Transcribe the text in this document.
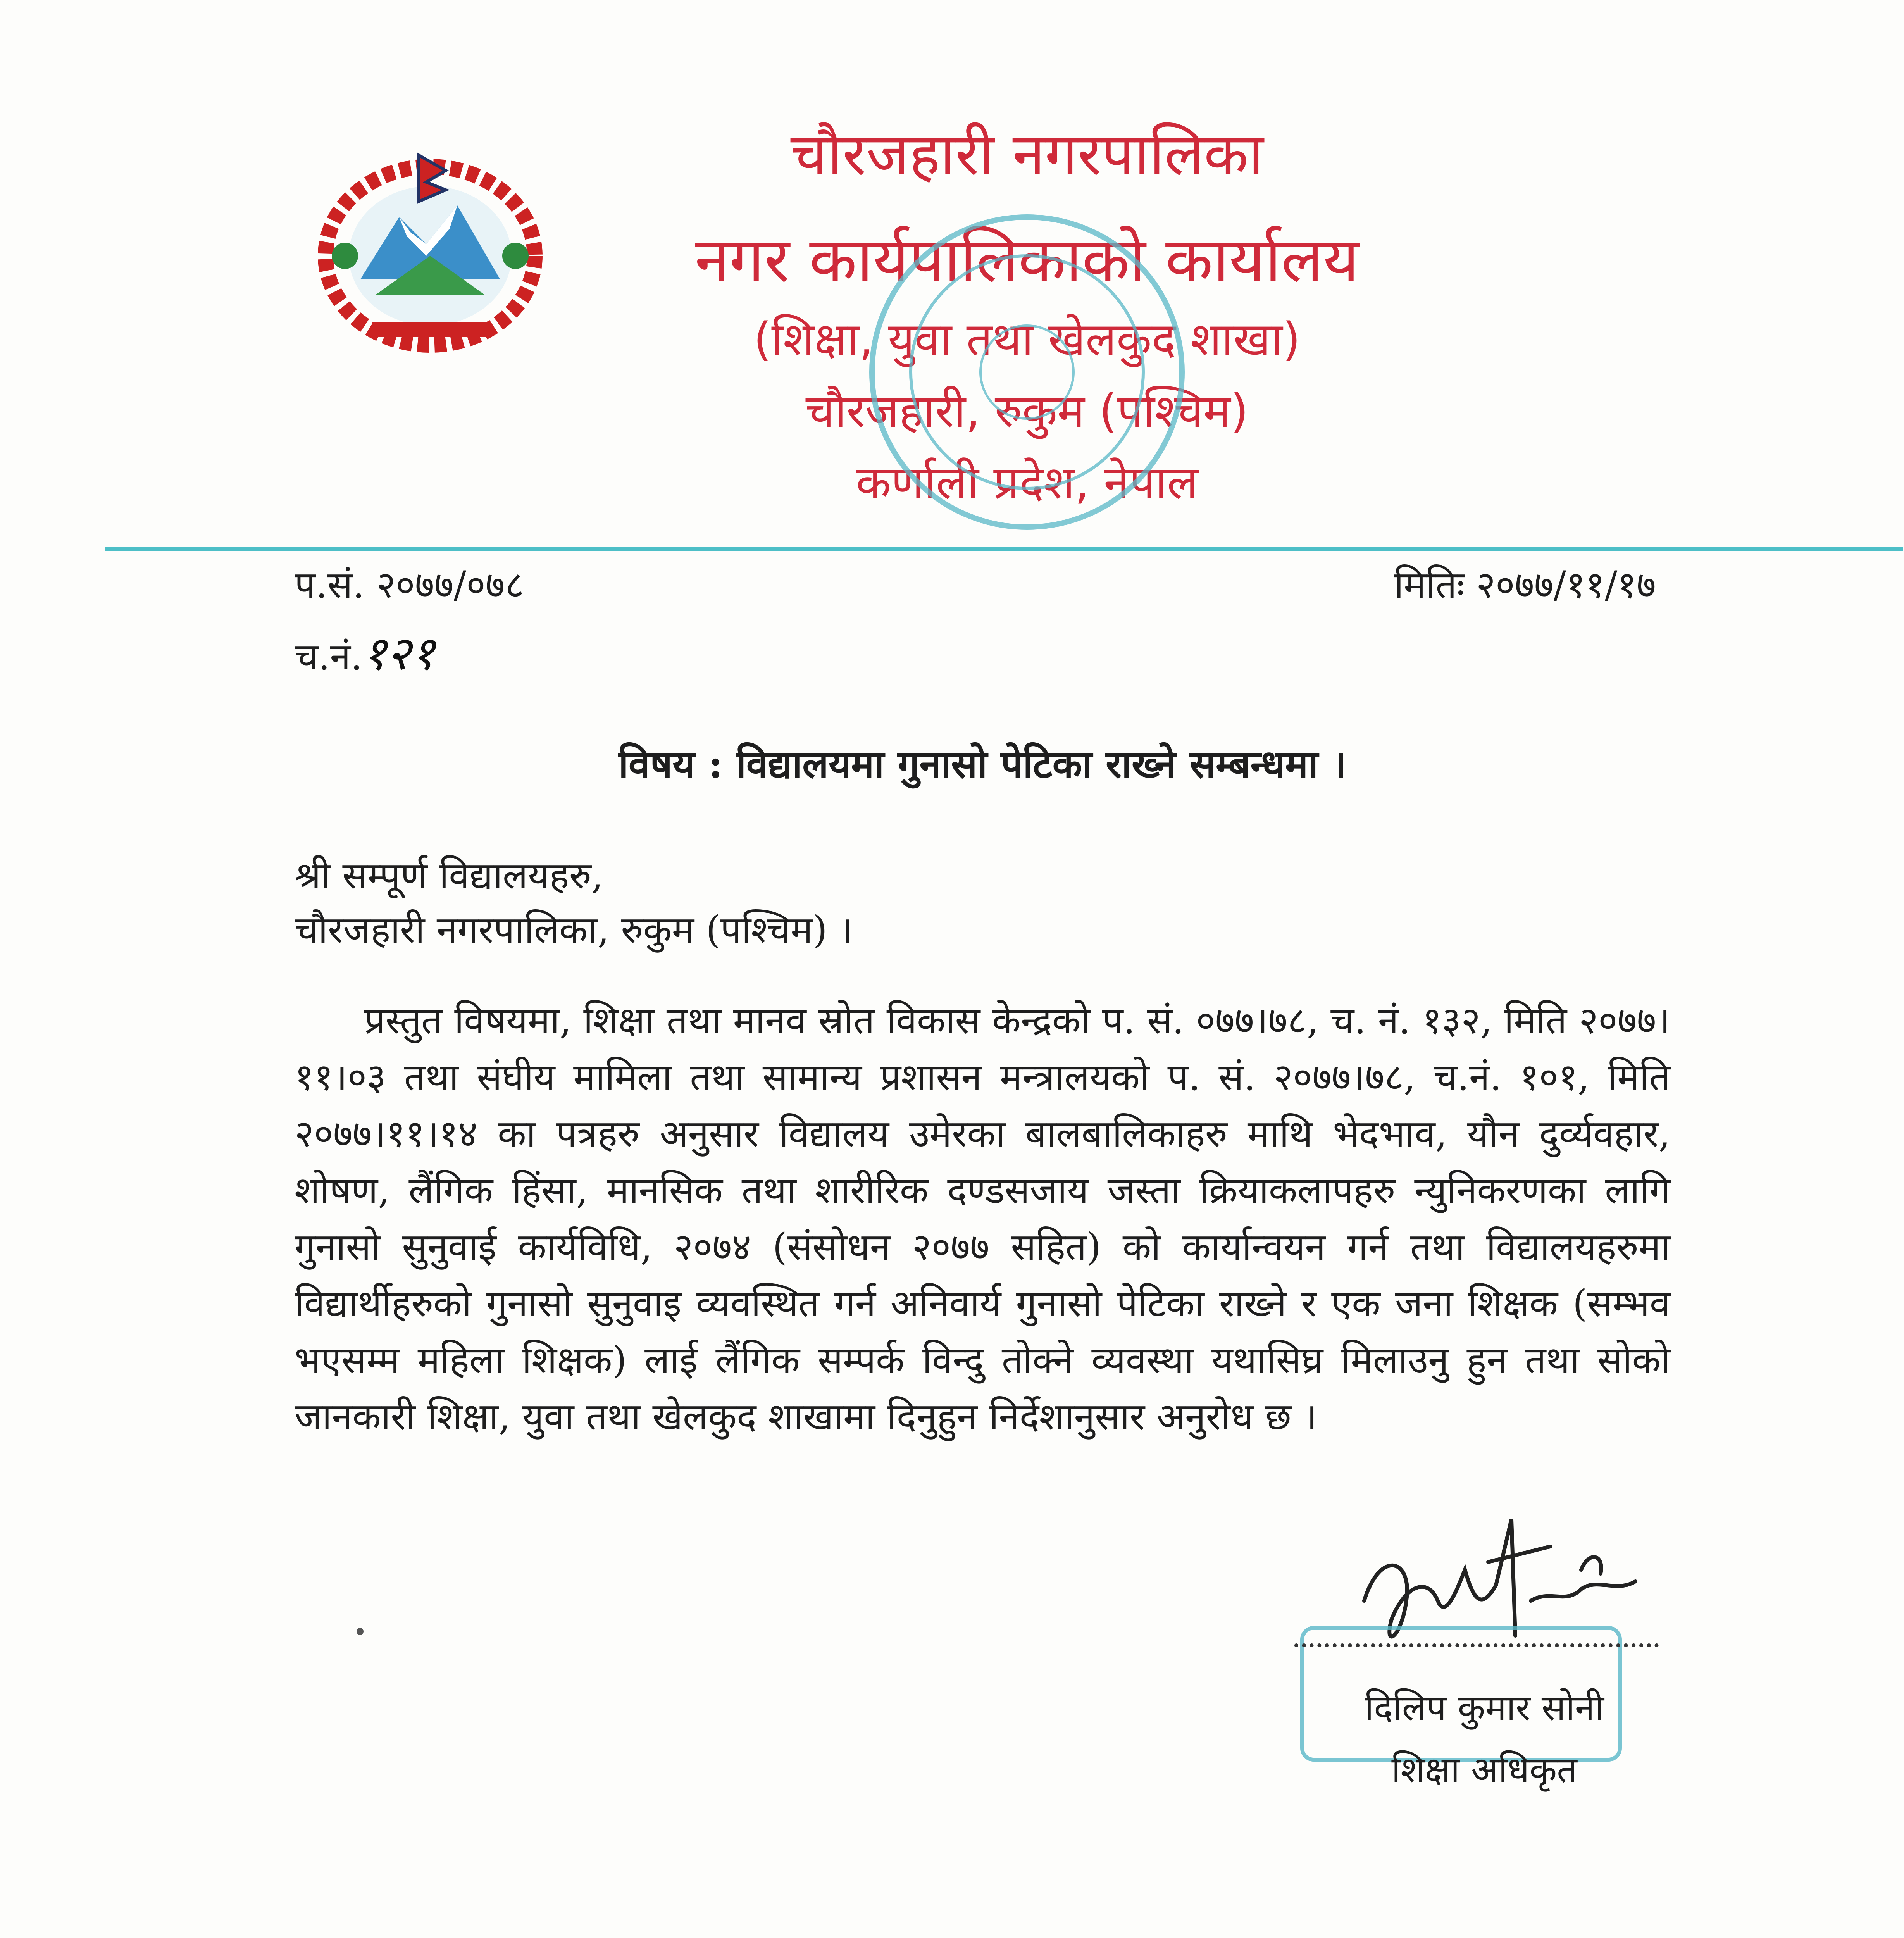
चौरजहारी नगरपालिका
नगर कार्यपालिकाको कार्यालय
(शिक्षा, युवा तथा खेलकुद शाखा)
चौरजहारी, रुकुम (पश्चिम)
कर्णाली प्रदेश, नेपाल
प.सं. २०७७/०७८	मितिः २०७७/११/१७
च.नं.१२१
विषय : विद्यालयमा गुनासो पेटिका राख्ने सम्बन्धमा ।
श्री सम्पूर्ण विद्यालयहरु,
चौरजहारी नगरपालिका, रुकुम (पश्चिम) ।
प्रस्तुत विषयमा, शिक्षा तथा मानव स्रोत विकास केन्द्रको प. सं. ०७७।७८, च. नं. १३२, मिति २०७७।११।०३ तथा संघीय मामिला तथा सामान्य प्रशासन मन्त्रालयको प. सं. २०७७।७८, च.नं. १०१, मिति २०७७।११।१४ का पत्रहरु अनुसार विद्यालय उमेरका बालबालिकाहरु माथि भेदभाव, यौन दुर्व्यवहार, शोषण, लैंगिक हिंसा, मानसिक तथा शारीरिक दण्डसजाय जस्ता क्रियाकलापहरु न्युनिकरणका लागि गुनासो सुनुवाई कार्यविधि, २०७४ (संसोधन २०७७ सहित) को कार्यान्वयन गर्न तथा विद्यालयहरुमा विद्यार्थीहरुको गुनासो सुनुवाइ व्यवस्थित गर्न अनिवार्य गुनासो पेटिका राख्ने र एक जना शिक्षक (सम्भव भएसम्म महिला शिक्षक) लाई लैंगिक सम्पर्क विन्दु तोक्ने व्यवस्था यथासिघ्र मिलाउनु हुन तथा सोको जानकारी शिक्षा, युवा तथा खेलकुद शाखामा दिनुहुन निर्देशानुसार अनुरोध छ ।
दिलिप कुमार सोनी
शिक्षा अधिकृत
